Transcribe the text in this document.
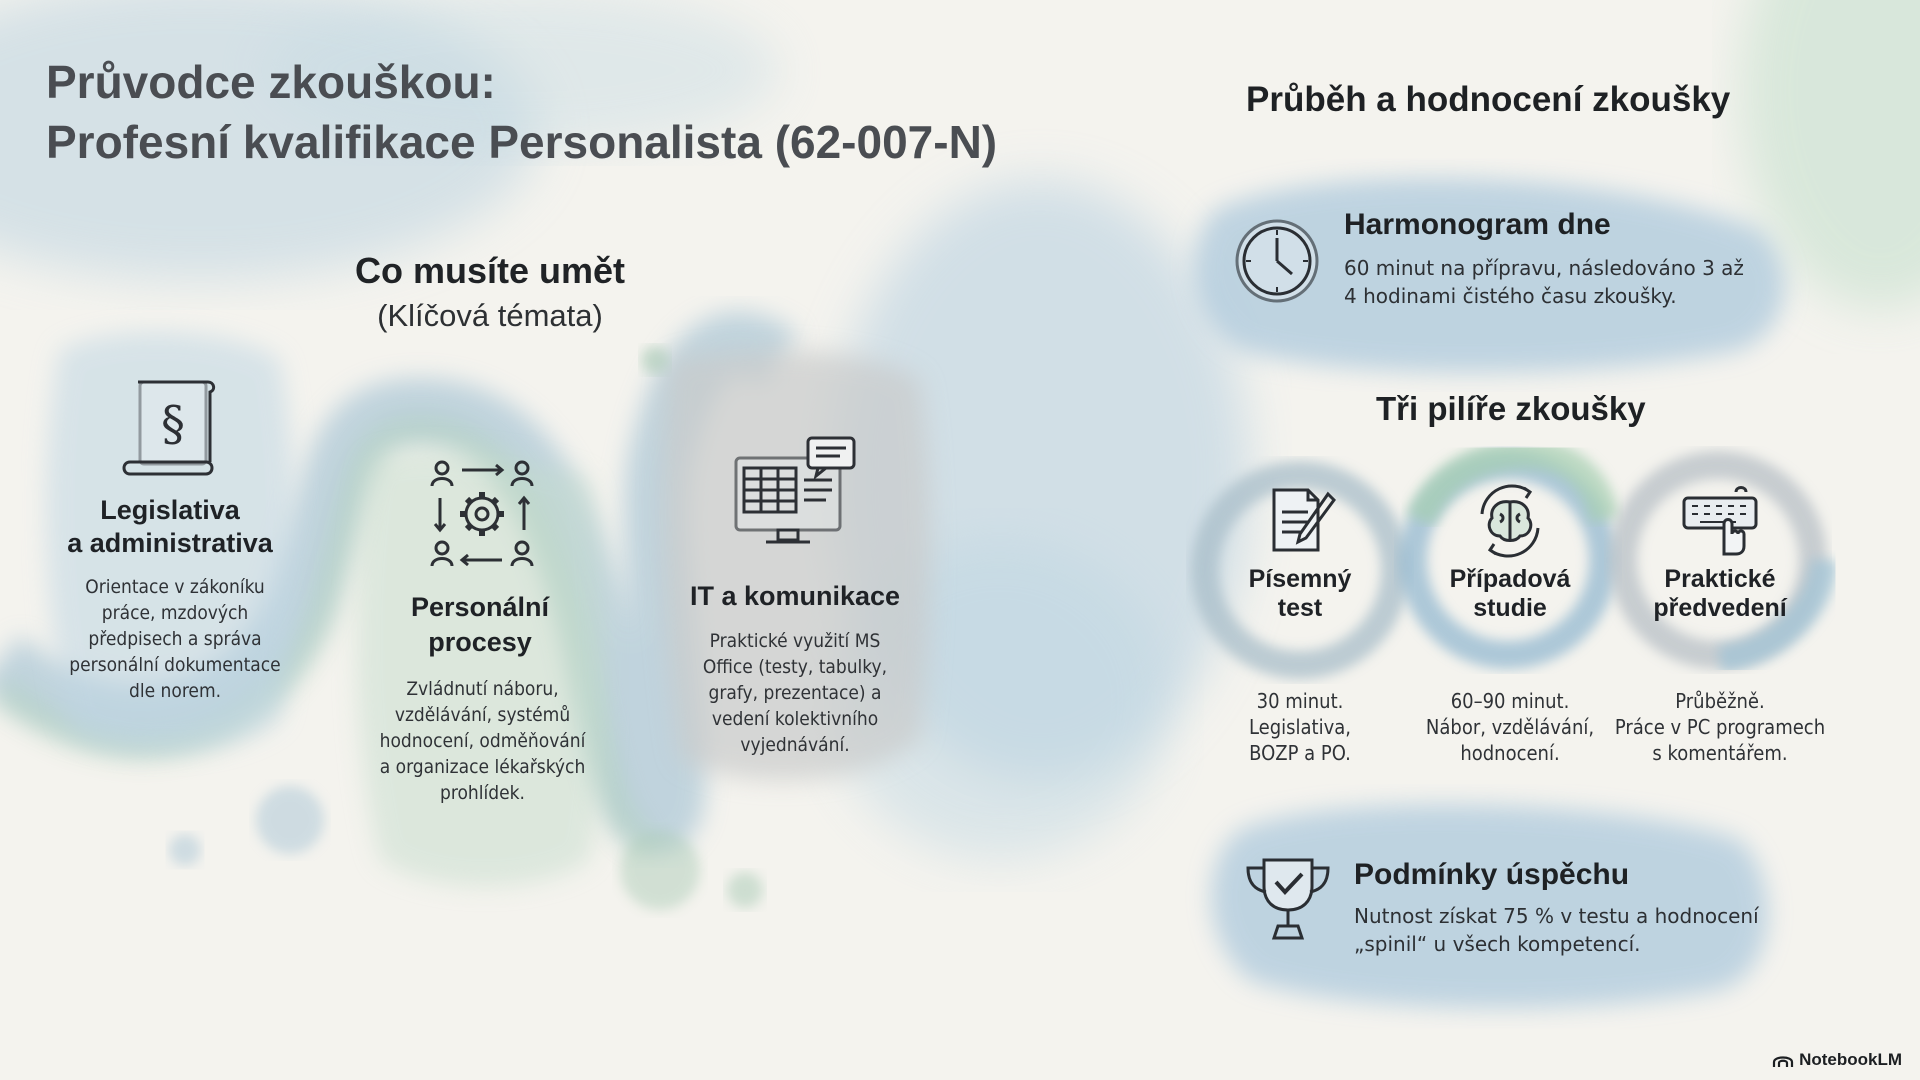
Průvodce zkouškou:
Profesní kvalifikace Personalista (62-007-N)
Co musíte umět
(Klíčová témata)
§
Legislativa
a administrativa
Orientace v zákoníku
práce, mzdových
předpisech a správa
personální dokumentace
dle norem.
Personální
procesy
Zvládnutí náboru,
vzdělávání, systémů
hodnocení, odměňování
a organizace lékařských
prohlídek.
IT a komunikace
Praktické využití MS
Office (testy, tabulky,
grafy, prezentace) a
vedení kolektivního
vyjednávání.
Průběh a hodnocení zkoušky
Harmonogram dne
60 minut na přípravu, následováno 3 až
4 hodinami čistého času zkoušky.
Tři pilíře zkoušky
Písemný
test
30 minut.
Legislativa,
BOZP a PO.
Případová
studie
60–90 minut.
Nábor, vzdělávání,
hodnocení.
Praktické
předvedení
Průběžně.
Práce v PC programech
s komentářem.
Podmínky úspěchu
Nutnost získat 75 % v testu a hodnocení
„spinil“ u všech kompetencí.
NotebookLM
